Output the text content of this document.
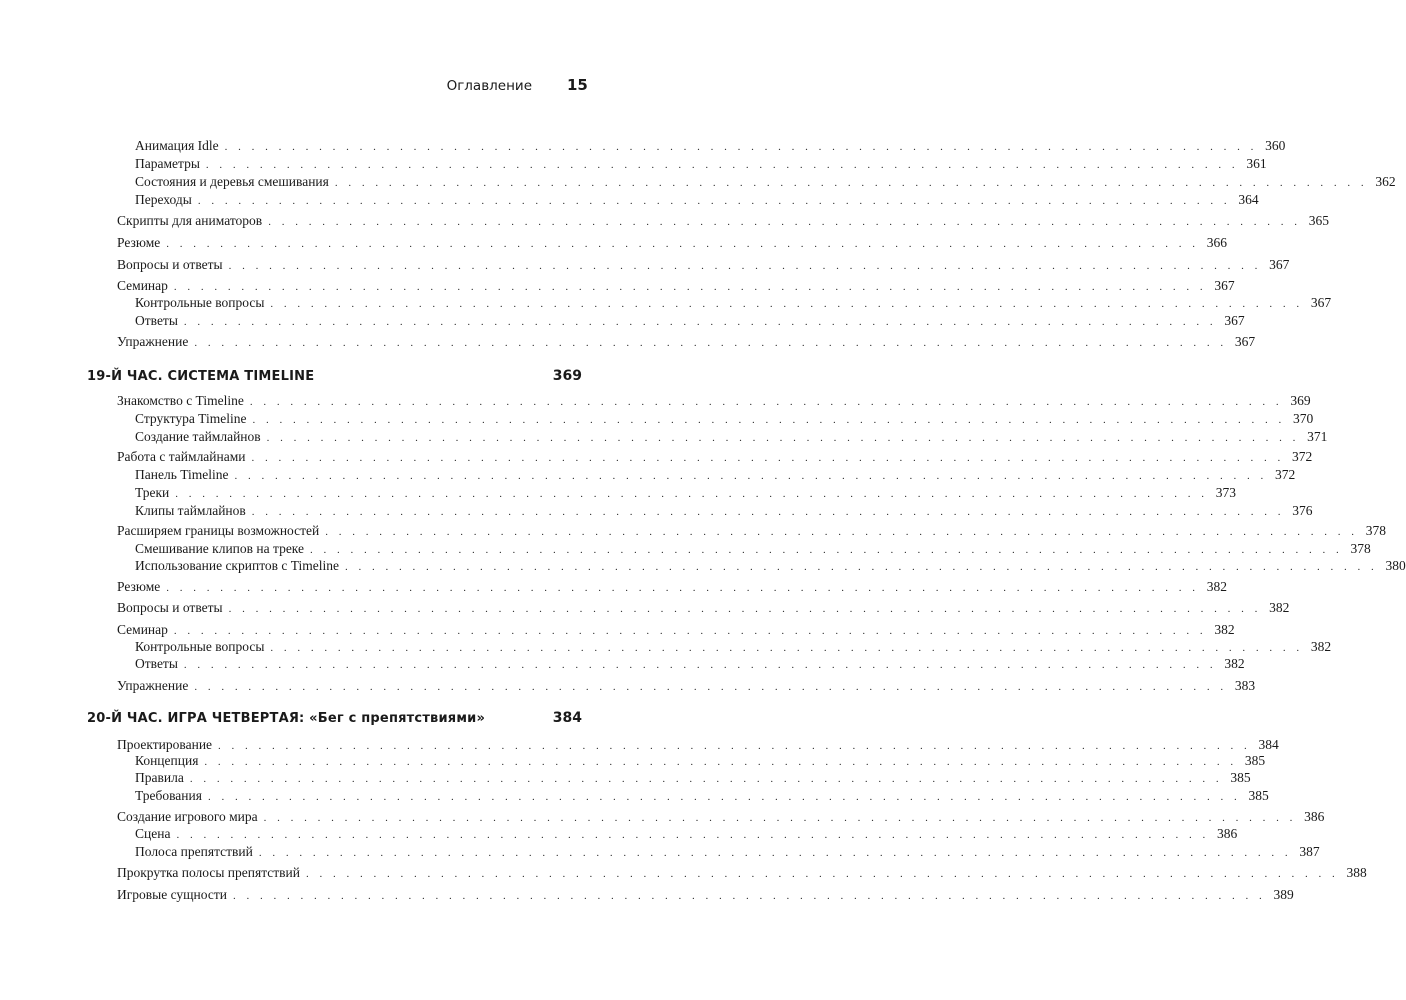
Оглавление 15
Анимация Idle . . . . . . . . . . . . . . . . . . . . . . . . . . . . . . . . . . . . . . . . . . . . . . . . . . . . . . . . . . . . . . . . . . . . . . . . . . . . . 360
Параметры . . . . . . . . . . . . . . . . . . . . . . . . . . . . . . . . . . . . . . . . . . . . . . . . . . . . . . . . . . . . . . . . . . . . . . . . . . . . . 361
Состояния и деревья смешивания . . . . . . . . . . . . . . . . . . . . . . . . . . . . . . . . . . . . . . . . . . . . . . . . . . . . . . . . . . . . . . . . . . . . . . . . . . . . . 362
Переходы . . . . . . . . . . . . . . . . . . . . . . . . . . . . . . . . . . . . . . . . . . . . . . . . . . . . . . . . . . . . . . . . . . . . . . . . . . . . . 364
Скрипты для аниматоров . . . . . . . . . . . . . . . . . . . . . . . . . . . . . . . . . . . . . . . . . . . . . . . . . . . . . . . . . . . . . . . . . . . . . . . . . . . . . 365
Резюме . . . . . . . . . . . . . . . . . . . . . . . . . . . . . . . . . . . . . . . . . . . . . . . . . . . . . . . . . . . . . . . . . . . . . . . . . . . . . 366
Вопросы и ответы . . . . . . . . . . . . . . . . . . . . . . . . . . . . . . . . . . . . . . . . . . . . . . . . . . . . . . . . . . . . . . . . . . . . . . . . . . . . . 367
Семинар . . . . . . . . . . . . . . . . . . . . . . . . . . . . . . . . . . . . . . . . . . . . . . . . . . . . . . . . . . . . . . . . . . . . . . . . . . . . . 367
Контрольные вопросы . . . . . . . . . . . . . . . . . . . . . . . . . . . . . . . . . . . . . . . . . . . . . . . . . . . . . . . . . . . . . . . . . . . . . . . . . . . . . 367
Ответы . . . . . . . . . . . . . . . . . . . . . . . . . . . . . . . . . . . . . . . . . . . . . . . . . . . . . . . . . . . . . . . . . . . . . . . . . . . . . 367
Упражнение . . . . . . . . . . . . . . . . . . . . . . . . . . . . . . . . . . . . . . . . . . . . . . . . . . . . . . . . . . . . . . . . . . . . . . . . . . . . . 367
19-Й ЧАС. СИСТЕМА TIMELINE	369
Знакомство с Timeline . . . . . . . . . . . . . . . . . . . . . . . . . . . . . . . . . . . . . . . . . . . . . . . . . . . . . . . . . . . . . . . . . . . . . . . . . . . . . 369
Структура Timeline . . . . . . . . . . . . . . . . . . . . . . . . . . . . . . . . . . . . . . . . . . . . . . . . . . . . . . . . . . . . . . . . . . . . . . . . . . . . . 370
Создание таймлайнов . . . . . . . . . . . . . . . . . . . . . . . . . . . . . . . . . . . . . . . . . . . . . . . . . . . . . . . . . . . . . . . . . . . . . . . . . . . . . 371
Работа с таймлайнами . . . . . . . . . . . . . . . . . . . . . . . . . . . . . . . . . . . . . . . . . . . . . . . . . . . . . . . . . . . . . . . . . . . . . . . . . . . . . 372
Панель Timeline . . . . . . . . . . . . . . . . . . . . . . . . . . . . . . . . . . . . . . . . . . . . . . . . . . . . . . . . . . . . . . . . . . . . . . . . . . . . . 372
Треки . . . . . . . . . . . . . . . . . . . . . . . . . . . . . . . . . . . . . . . . . . . . . . . . . . . . . . . . . . . . . . . . . . . . . . . . . . . . . 373
Клипы таймлайнов . . . . . . . . . . . . . . . . . . . . . . . . . . . . . . . . . . . . . . . . . . . . . . . . . . . . . . . . . . . . . . . . . . . . . . . . . . . . . 376
Расширяем границы возможностей . . . . . . . . . . . . . . . . . . . . . . . . . . . . . . . . . . . . . . . . . . . . . . . . . . . . . . . . . . . . . . . . . . . . . . . . . . . . . 378
Смешивание клипов на треке . . . . . . . . . . . . . . . . . . . . . . . . . . . . . . . . . . . . . . . . . . . . . . . . . . . . . . . . . . . . . . . . . . . . . . . . . . . . . 378
Использование скриптов с Timeline . . . . . . . . . . . . . . . . . . . . . . . . . . . . . . . . . . . . . . . . . . . . . . . . . . . . . . . . . . . . . . . . . . . . . . . . . . . . . 380
Резюме . . . . . . . . . . . . . . . . . . . . . . . . . . . . . . . . . . . . . . . . . . . . . . . . . . . . . . . . . . . . . . . . . . . . . . . . . . . . . 382
Вопросы и ответы . . . . . . . . . . . . . . . . . . . . . . . . . . . . . . . . . . . . . . . . . . . . . . . . . . . . . . . . . . . . . . . . . . . . . . . . . . . . . 382
Семинар . . . . . . . . . . . . . . . . . . . . . . . . . . . . . . . . . . . . . . . . . . . . . . . . . . . . . . . . . . . . . . . . . . . . . . . . . . . . . 382
Контрольные вопросы . . . . . . . . . . . . . . . . . . . . . . . . . . . . . . . . . . . . . . . . . . . . . . . . . . . . . . . . . . . . . . . . . . . . . . . . . . . . . 382
Ответы . . . . . . . . . . . . . . . . . . . . . . . . . . . . . . . . . . . . . . . . . . . . . . . . . . . . . . . . . . . . . . . . . . . . . . . . . . . . . 382
Упражнение . . . . . . . . . . . . . . . . . . . . . . . . . . . . . . . . . . . . . . . . . . . . . . . . . . . . . . . . . . . . . . . . . . . . . . . . . . . . . 383
20-Й ЧАС. ИГРА ЧЕТВЕРТАЯ: «Бег с препятствиями»	384
Проектирование . . . . . . . . . . . . . . . . . . . . . . . . . . . . . . . . . . . . . . . . . . . . . . . . . . . . . . . . . . . . . . . . . . . . . . . . . . . . . 384
Концепция . . . . . . . . . . . . . . . . . . . . . . . . . . . . . . . . . . . . . . . . . . . . . . . . . . . . . . . . . . . . . . . . . . . . . . . . . . . . . 385
Правила . . . . . . . . . . . . . . . . . . . . . . . . . . . . . . . . . . . . . . . . . . . . . . . . . . . . . . . . . . . . . . . . . . . . . . . . . . . . . 385
Требования . . . . . . . . . . . . . . . . . . . . . . . . . . . . . . . . . . . . . . . . . . . . . . . . . . . . . . . . . . . . . . . . . . . . . . . . . . . . . 385
Создание игрового мира . . . . . . . . . . . . . . . . . . . . . . . . . . . . . . . . . . . . . . . . . . . . . . . . . . . . . . . . . . . . . . . . . . . . . . . . . . . . . 386
Сцена . . . . . . . . . . . . . . . . . . . . . . . . . . . . . . . . . . . . . . . . . . . . . . . . . . . . . . . . . . . . . . . . . . . . . . . . . . . . . 386
Полоса препятствий . . . . . . . . . . . . . . . . . . . . . . . . . . . . . . . . . . . . . . . . . . . . . . . . . . . . . . . . . . . . . . . . . . . . . . . . . . . . . 387
Прокрутка полосы препятствий . . . . . . . . . . . . . . . . . . . . . . . . . . . . . . . . . . . . . . . . . . . . . . . . . . . . . . . . . . . . . . . . . . . . . . . . . . . . . 388
Игровые сущности . . . . . . . . . . . . . . . . . . . . . . . . . . . . . . . . . . . . . . . . . . . . . . . . . . . . . . . . . . . . . . . . . . . . . . . . . . . . . 389
